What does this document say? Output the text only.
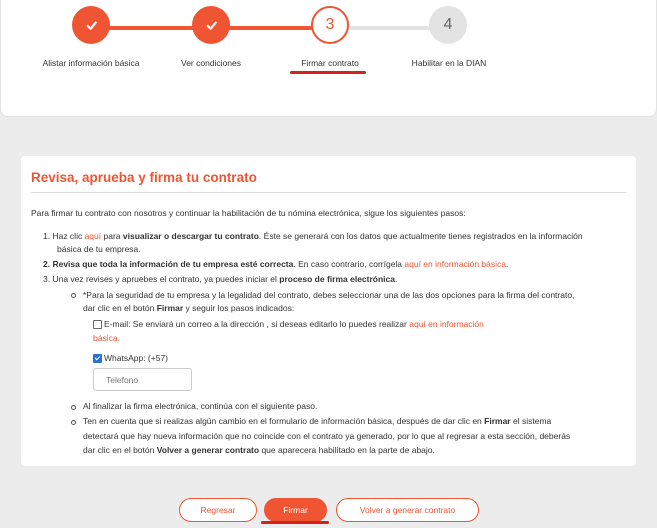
3	4
Alistar información básica	Ver condiciones	Firmar contrato	Habilitar en la DIAN
Revisa, aprueba y firma tu contrato
Para firmar tu contrato con nosotros y continuar la habilitación de tu nómina electrónica, sigue los siguientes pasos:
1. Haz clic aquí para visualizar o descargar tu contrato. Éste se generará con los datos que actualmente tienes registrados en la información
básica de tu empresa.
2. Revisa que toda la información de tu empresa esté correcta. En caso contrario, corrígela aquí en información básica.
3. Una vez revises y apruebes el contrato, ya puedes iniciar el proceso de firma electrónica.
*Para la seguridad de tu empresa y la legalidad del contrato, debes seleccionar una de las dos opciones para la firma del contrato,
dar clic en el botón Firmar y seguir los pasos indicados:
E-mail: Se enviará un correo a la dirección , si deseas editarlo lo puedes realizar aquí en información
básica.
WhatsApp: (+57)
Telefono
Al finalizar la firma electrónica, continúa con el siguiente paso.
Ten en cuenta que si realizas algún cambio en el formulario de información básica, después de dar clic en Firmar el sistema
detectará que hay nueva información que no coincide con el contrato ya generado, por lo que al regresar a esta sección, deberás
dar clic en el botón Volver a generar contrato que aparecera habilitado en la parte de abajo.
Regresar	Firmar	Volver a generar contrato
